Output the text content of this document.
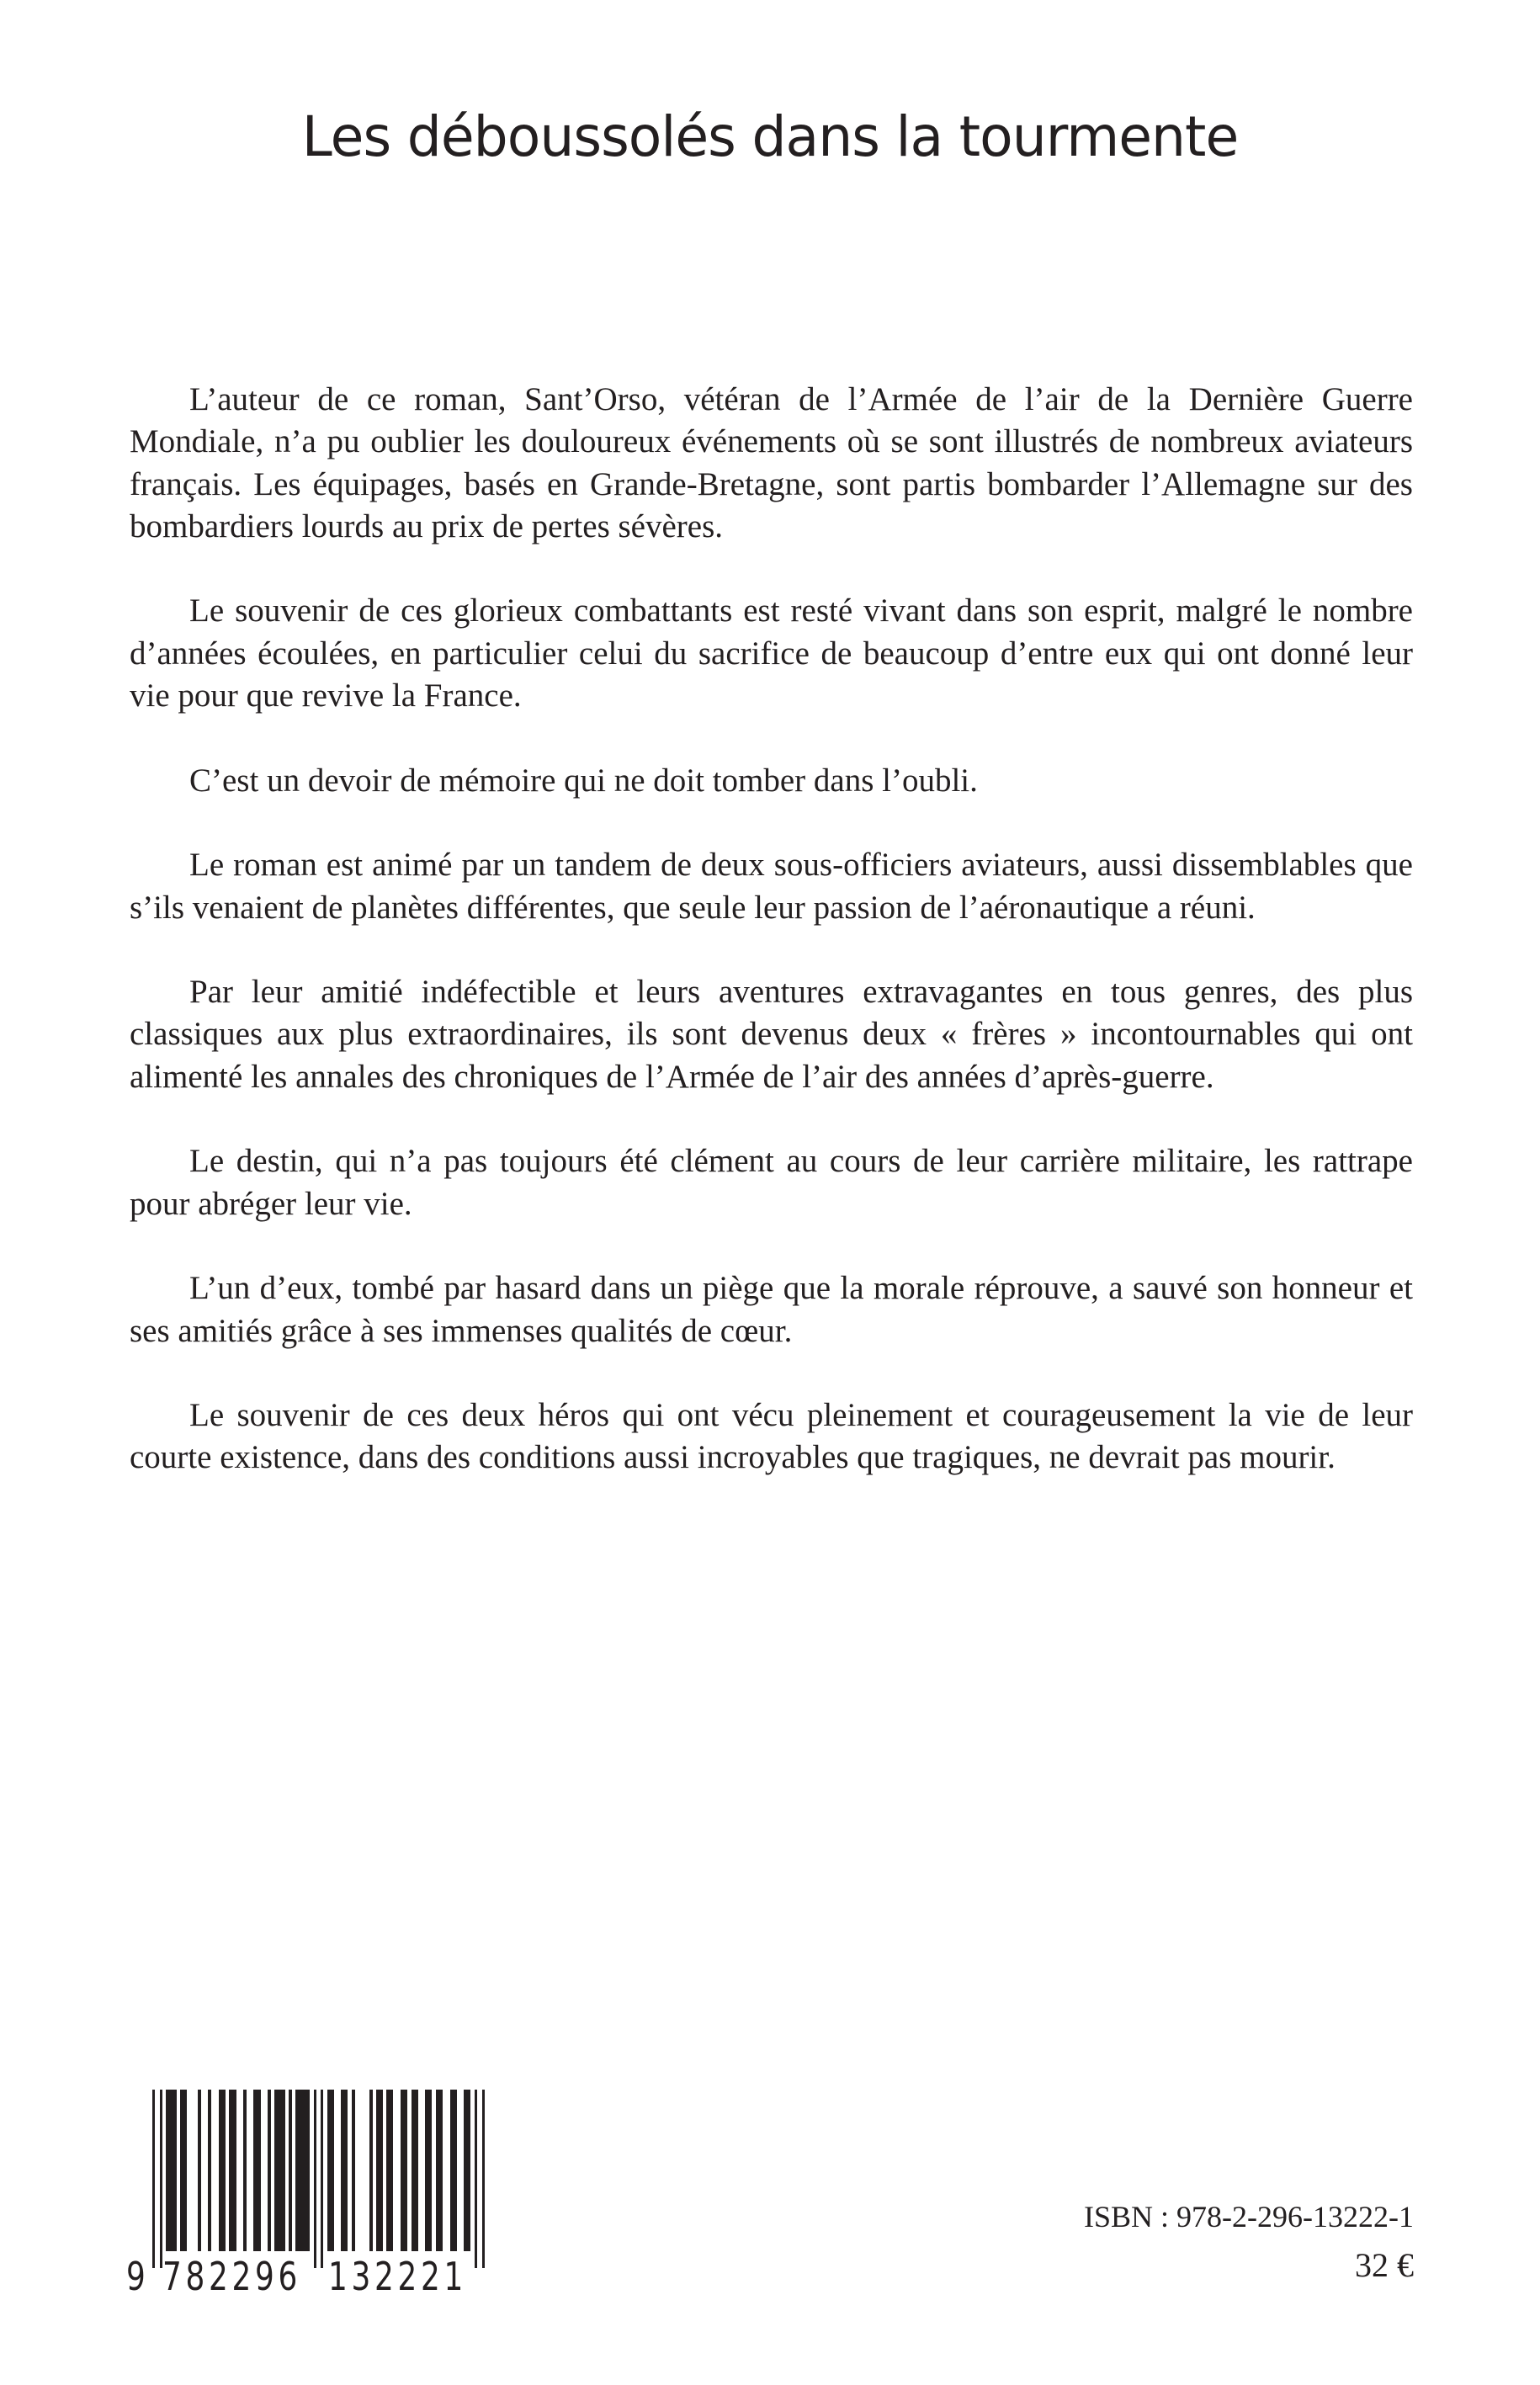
Les déboussolés dans la tourmente

L’auteur de ce roman, Sant’Orso, vétéran de l’Armée de l’air de la Dernière Guerre Mondiale, n’a pu oublier les douloureux événements où se sont illustrés de nombreux aviateurs français. Les équipages, basés en Grande-Bretagne, sont partis bombarder l’Allemagne sur des bombardiers lourds au prix de pertes sévères.

Le souvenir de ces glorieux combattants est resté vivant dans son esprit, malgré le nombre d’années écoulées, en particulier celui du sacrifice de beaucoup d’entre eux qui ont donné leur vie pour que revive la France.

C’est un devoir de mémoire qui ne doit tomber dans l’oubli.

Le roman est animé par un tandem de deux sous-officiers aviateurs, aussi dissemblables que s’ils venaient de planètes différentes, que seule leur passion de l’aéronautique a réuni.

Par leur amitié indéfectible et leurs aventures extravagantes en tous genres, des plus classiques aux plus extraordinaires, ils sont devenus deux « frères » incontournables qui ont alimenté les annales des chroniques de l’Armée de l’air des années d’après-guerre.

Le destin, qui n’a pas toujours été clément au cours de leur carrière militaire, les rattrape pour abréger leur vie.

L’un d’eux, tombé par hasard dans un piège que la morale réprouve, a sauvé son honneur et ses amitiés grâce à ses immenses qualités de cœur.

Le souvenir de ces deux héros qui ont vécu pleinement et courageusement la vie de leur courte existence, dans des conditions aussi incroyables que tragiques, ne devrait pas mourir.

9 782296 132221
ISBN : 978-2-296-13222-1
32 €
